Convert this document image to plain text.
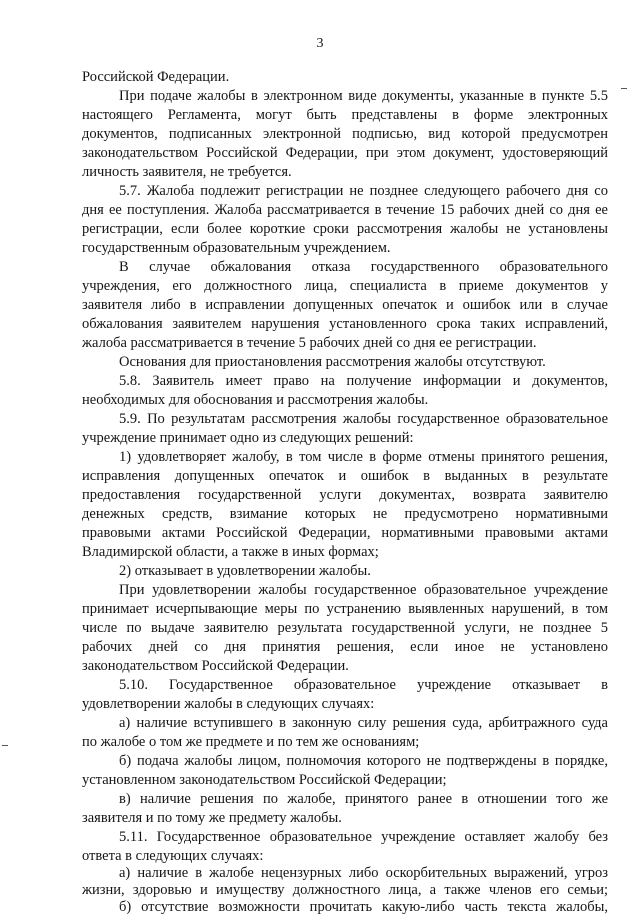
3
Российской Федерации.
При подаче жалобы в электронном виде документы, указанные в пункте 5.5
настоящего Регламента, могут быть представлены в форме электронных
документов, подписанных электронной подписью, вид которой предусмотрен
законодательством Российской Федерации, при этом документ, удостоверяющий
личность заявителя, не требуется.
5.7. Жалоба подлежит регистрации не позднее следующего рабочего дня со
дня ее поступления. Жалоба рассматривается в течение 15 рабочих дней со дня ее
регистрации, если более короткие сроки рассмотрения жалобы не установлены
государственным образовательным учреждением.
В случае обжалования отказа государственного образовательного
учреждения, его должностного лица, специалиста в приеме документов у
заявителя либо в исправлении допущенных опечаток и ошибок или в случае
обжалования заявителем нарушения установленного срока таких исправлений,
жалоба рассматривается в течение 5 рабочих дней со дня ее регистрации.
Основания для приостановления рассмотрения жалобы отсутствуют.
5.8. Заявитель имеет право на получение информации и документов,
необходимых для обоснования и рассмотрения жалобы.
5.9. По результатам рассмотрения жалобы государственное образовательное
учреждение принимает одно из следующих решений:
1) удовлетворяет жалобу, в том числе в форме отмены принятого решения,
исправления допущенных опечаток и ошибок в выданных в результате
предоставления государственной услуги документах, возврата заявителю
денежных средств, взимание которых не предусмотрено нормативными
правовыми актами Российской Федерации, нормативными правовыми актами
Владимирской области, а также в иных формах;
2) отказывает в удовлетворении жалобы.
При удовлетворении жалобы государственное образовательное учреждение
принимает исчерпывающие меры по устранению выявленных нарушений, в том
числе по выдаче заявителю результата государственной услуги, не позднее 5
рабочих дней со дня принятия решения, если иное не установлено
законодательством Российской Федерации.
5.10. Государственное образовательное учреждение отказывает в
удовлетворении жалобы в следующих случаях:
а) наличие вступившего в законную силу решения суда, арбитражного суда
по жалобе о том же предмете и по тем же основаниям;
б) подача жалобы лицом, полномочия которого не подтверждены в порядке,
установленном законодательством Российской Федерации;
в) наличие решения по жалобе, принятого ранее в отношении того же
заявителя и по тому же предмету жалобы.
5.11. Государственное образовательное учреждение оставляет жалобу без
ответа в следующих случаях:
а) наличие в жалобе нецензурных либо оскорбительных выражений, угроз
жизни, здоровью и имуществу должностного лица, а также членов его семьи;
б) отсутствие возможности прочитать какую-либо часть текста жалобы,
